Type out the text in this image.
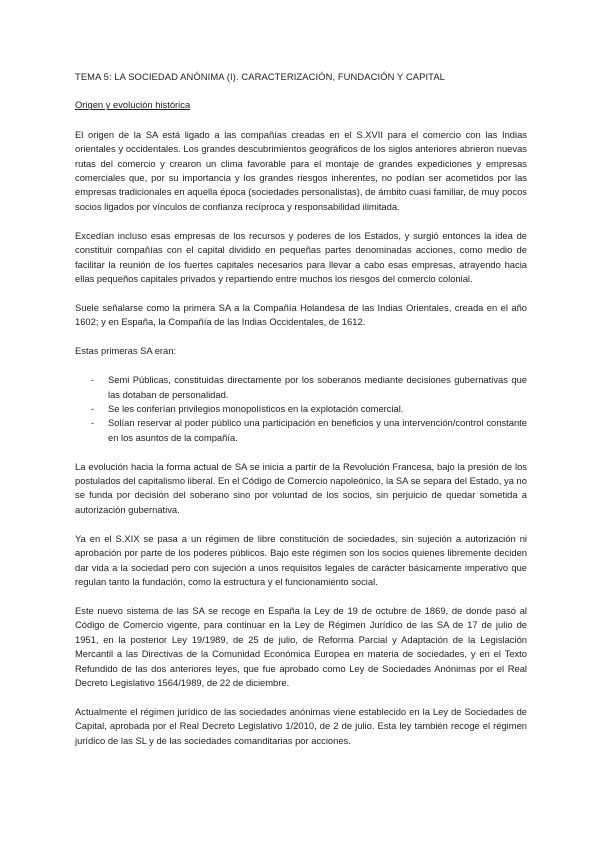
TEMA 5: LA SOCIEDAD ANÓNIMA (I). CARACTERIZACIÓN, FUNDACIÓN Y CAPITAL
Origen y evolución histórica

El origen de la SA está ligado a las compañías creadas en el S.XVII para el comercio con las Indias orientales y occidentales. Los grandes descubrimientos geográficos de los siglos anteriores abrieron nuevas rutas del comercio y crearon un clima favorable para el montaje de grandes expediciones y empresas comerciales que, por su importancia y los grandes riesgos inherentes, no podían ser acometidos por las empresas tradicionales en aquella época (sociedades personalistas), de ámbito cuasi familiar, de muy pocos socios ligados por vínculos de confianza recíproca y responsabilidad ilimitada.

Excedían incluso esas empresas de los recursos y poderes de los Estados, y surgió entonces la idea de constituir compañías con el capital dividido en pequeñas partes denominadas acciones, como medio de facilitar la reunión de los fuertes capitales necesarios para llevar a cabo esas empresas, atrayendo hacia ellas pequeños capitales privados y repartiendo entre muchos los riesgos del comercio colonial.

Suele señalarse como la primera SA a la Compañía Holandesa de las Indias Orientales, creada en el año 1602; y en España, la Compañía de las Indias Occidentales, de 1612.

Estas primeras SA eran:

- Semi Públicas, constituidas directamente por los soberanos mediante decisiones gubernativas que las dotaban de personalidad.
- Se les conferían privilegios monopolísticos en la explotación comercial.
- Solían reservar al poder público una participación en beneficios y una intervención/control constante en los asuntos de la compañía.

La evolución hacia la forma actual de SA se inicia a partir de la Revolución Francesa, bajo la presión de los postulados del capitalismo liberal. En el Código de Comercio napoleónico, la SA se separa del Estado, ya no se funda por decisión del soberano sino por voluntad de los socios, sin perjuicio de quedar sometida a autorización gubernativa.

Ya en el S.XIX se pasa a un régimen de libre constitución de sociedades, sin sujeción a autorización ni aprobación por parte de los poderes públicos. Bajo este régimen son los socios quienes libremente deciden dar vida a la sociedad pero con sujeción a unos requisitos legales de carácter básicamente imperativo que regulan tanto la fundación, como la estructura y el funcionamiento social.

Este nuevo sistema de las SA se recoge en España la Ley de 19 de octubre de 1869, de donde pasó al Código de Comercio vigente, para continuar en la Ley de Régimen Jurídico de las SA de 17 de julio de 1951, en la posterior Ley 19/1989, de 25 de julio, de Reforma Parcial y Adaptación de la Legislación Mercantil a las Directivas de la Comunidad Económica Europea en materia de sociedades, y en el Texto Refundido de las dos anteriores leyes, que fue aprobado como Ley de Sociedades Anónimas por el Real Decreto Legislativo 1564/1989, de 22 de diciembre.

Actualmente el régimen jurídico de las sociedades anónimas viene establecido en la Ley de Sociedades de Capital, aprobada por el Real Decreto Legislativo 1/2010, de 2 de julio. Esta ley también recoge el régimen jurídico de las SL y de las sociedades comanditarias por acciones.
